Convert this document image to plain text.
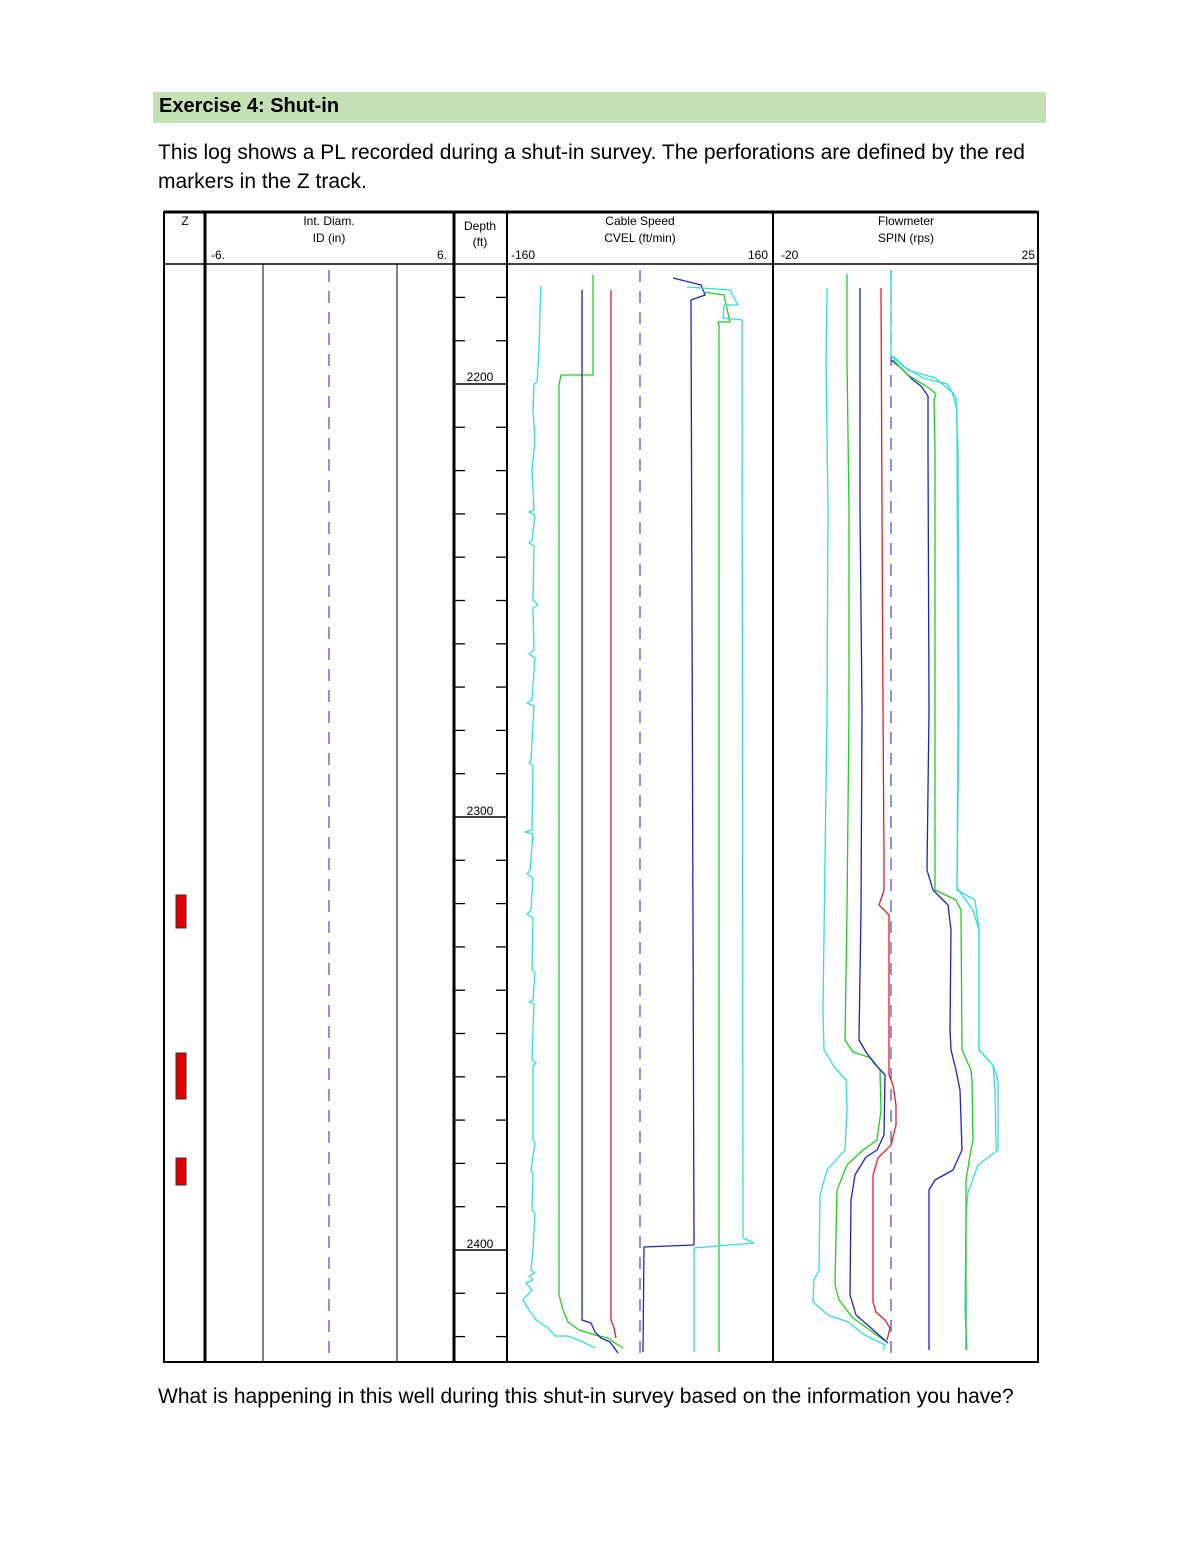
Exercise 4: Shut-in
This log shows a PL recorded during a shut-in survey. The perforations are defined by the red markers in the Z track.
Z	Int. Diam.
ID (in)
-6.	6.
Depth
(ft)
Cable Speed
CVEL (ft/min)
-160	160
Flowmeter
SPIN (rps)
-20	25
2200
2300
2400
What is happening in this well during this shut-in survey based on the information you have?
